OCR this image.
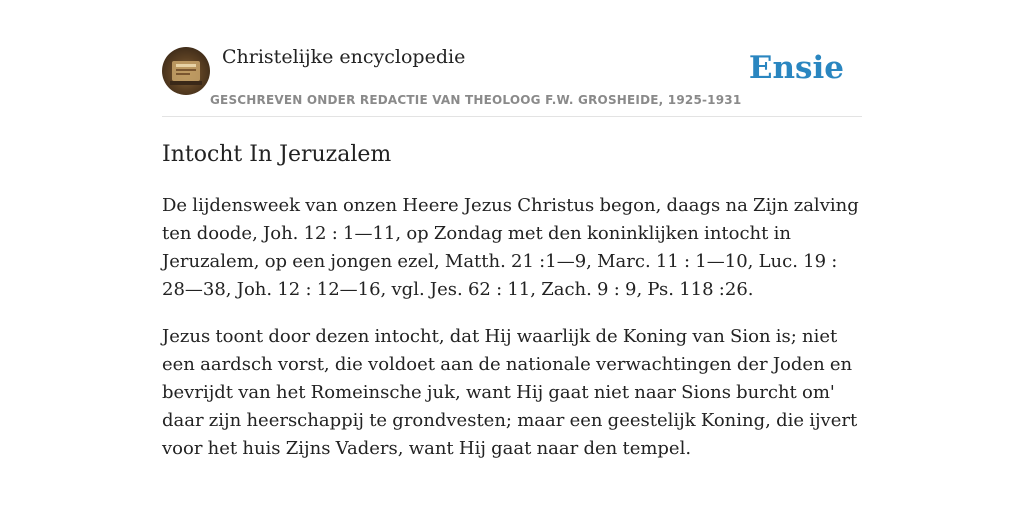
Christelijke encyclopedie
GESCHREVEN ONDER REDACTIE VAN THEOLOOG F.W. GROSHEIDE, 1925-1931
Ensie
Intocht In Jeruzalem

De lijdensweek van onzen Heere Jezus Christus begon, daags na Zijn zalving ten doode, Joh. 12 : 1—11, op Zondag met den koninklijken intocht in Jeruzalem, op een jongen ezel, Matth. 21 :1—9, Marc. 11 : 1—10, Luc. 19 : 28—38, Joh. 12 : 12—16, vgl. Jes. 62 : 11, Zach. 9 : 9, Ps. 118 :26.

Jezus toont door dezen intocht, dat Hij waarlijk de Koning van Sion is; niet een aardsch vorst, die voldoet aan de nationale verwachtingen der Joden en bevrijdt van het Romeinsche juk, want Hij gaat niet naar Sions burcht om' daar zijn heerschappij te grondvesten; maar een geestelijk Koning, die ijvert voor het huis Zijns Vaders, want Hij gaat naar den tempel.
